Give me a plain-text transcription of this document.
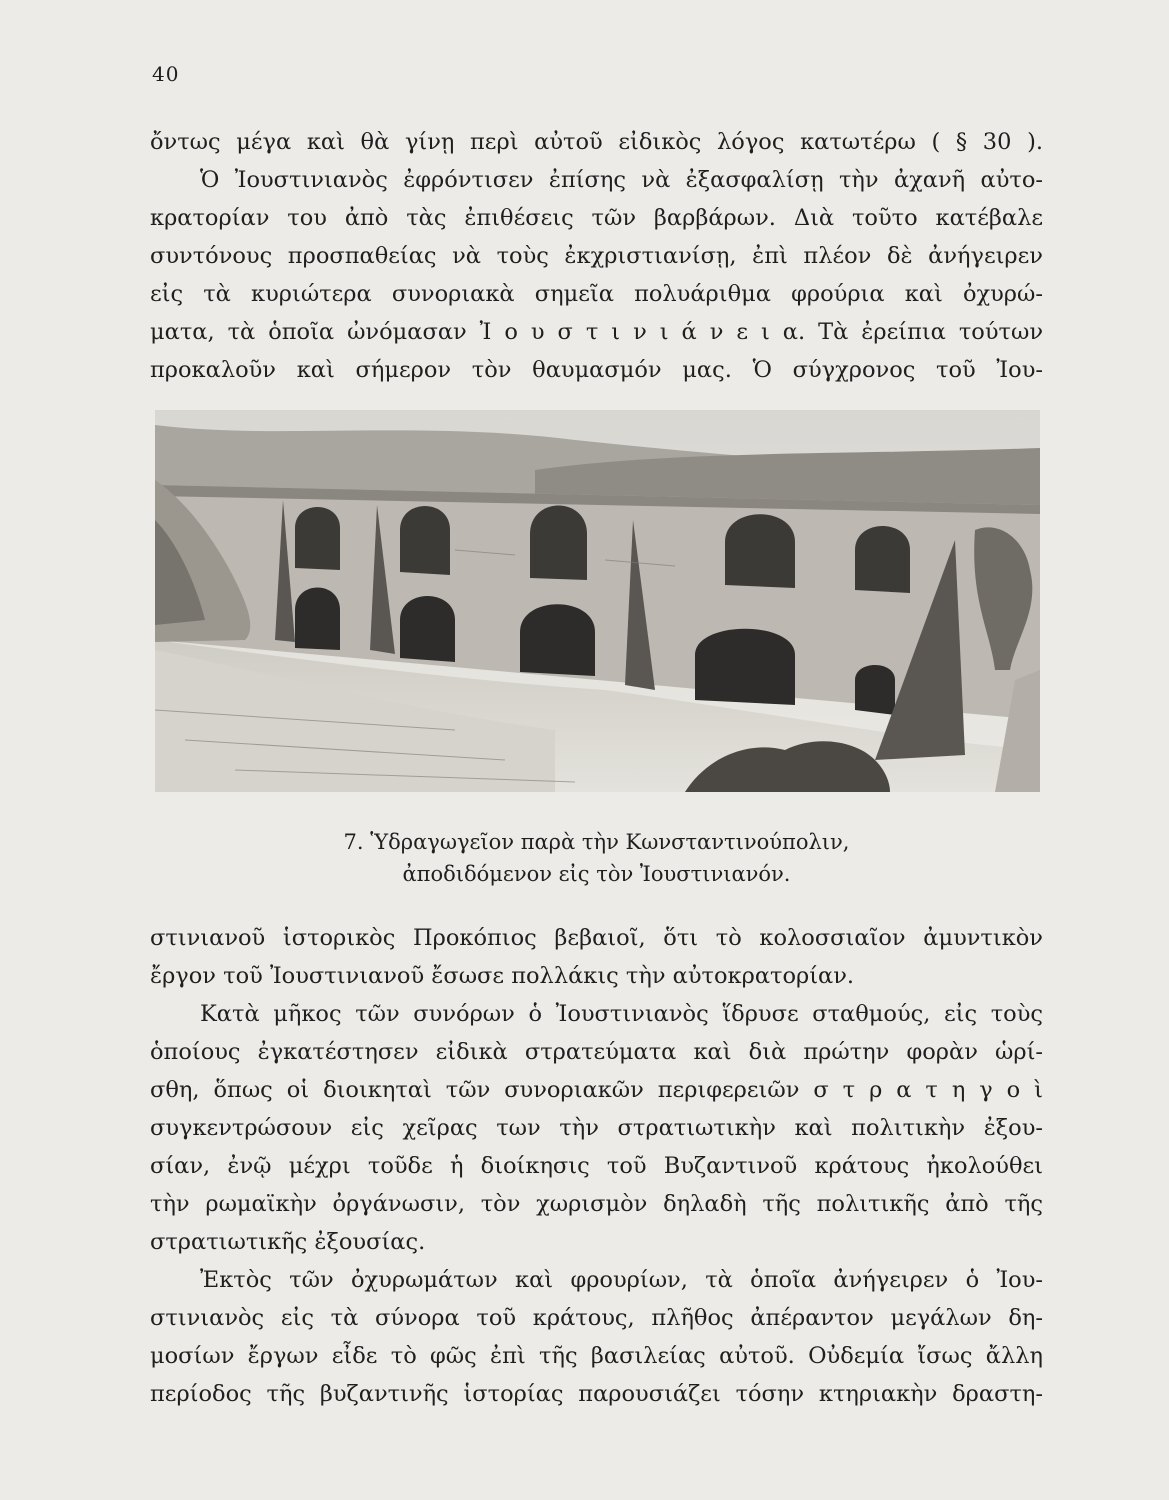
40
ὄντως μέγα καὶ θὰ γίνῃ περὶ αὐτοῦ εἰδικὸς λόγος κατωτέρω ( § 30 ).
Ὁ Ἰουστινιανὸς ἐφρόντισεν ἐπίσης νὰ ἐξασφαλίσῃ τὴν ἀχανῆ αὐτο-
κρατορίαν του ἀπὸ τὰς ἐπιθέσεις τῶν βαρβάρων. Διὰ τοῦτο κατέβαλε
συντόνους προσπαθείας νὰ τοὺς ἐκχριστιανίσῃ, ἐπὶ πλέον δὲ ἀνήγειρεν
εἰς τὰ κυριώτερα συνοριακὰ σημεῖα πολυάριθμα φρούρια καὶ ὀχυρώ-
ματα, τὰ ὁποῖα ὠνόμασαν Ἰ ο υ σ τ ι ν ι ά ν ε ι α. Τὰ ἐρείπια τούτων
προκαλοῦν καὶ σήμερον τὸν θαυμασμόν μας. Ὁ σύγχρονος τοῦ Ἰου-
7. Ὑδραγωγεῖον παρὰ τὴν Κωνσταντινούπολιν,
ἀποδιδόμενον εἰς τὸν Ἰουστινιανόν.
στινιανοῦ ἱστορικὸς Προκόπιος βεβαιοῖ, ὅτι τὸ κολοσσιαῖον ἀμυντικὸν
ἔργον τοῦ Ἰουστινιανοῦ ἔσωσε πολλάκις τὴν αὐτοκρατορίαν.
Κατὰ μῆκος τῶν συνόρων ὁ Ἰουστινιανὸς ἵδρυσε σταθμούς, εἰς τοὺς
ὁποίους ἐγκατέστησεν εἰδικὰ στρατεύματα καὶ διὰ πρώτην φορὰν ὡρί-
σθη, ὅπως οἱ διοικηταὶ τῶν συνοριακῶν περιφερειῶν σ τ ρ α τ η γ ο ὶ
συγκεντρώσουν εἰς χεῖρας των τὴν στρατιωτικὴν καὶ πολιτικὴν ἐξου-
σίαν, ἐνῷ μέχρι τοῦδε ἡ διοίκησις τοῦ Βυζαντινοῦ κράτους ἠκολούθει
τὴν ρωμαϊκὴν ὀργάνωσιν, τὸν χωρισμὸν δηλαδὴ τῆς πολιτικῆς ἀπὸ τῆς
στρατιωτικῆς ἐξουσίας.
Ἐκτὸς τῶν ὀχυρωμάτων καὶ φρουρίων, τὰ ὁποῖα ἀνήγειρεν ὁ Ἰου-
στινιανὸς εἰς τὰ σύνορα τοῦ κράτους, πλῆθος ἀπέραντον μεγάλων δη-
μοσίων ἔργων εἶδε τὸ φῶς ἐπὶ τῆς βασιλείας αὐτοῦ. Οὐδεμία ἴσως ἄλλη
περίοδος τῆς βυζαντινῆς ἱστορίας παρουσιάζει τόσην κτηριακὴν δραστη-
